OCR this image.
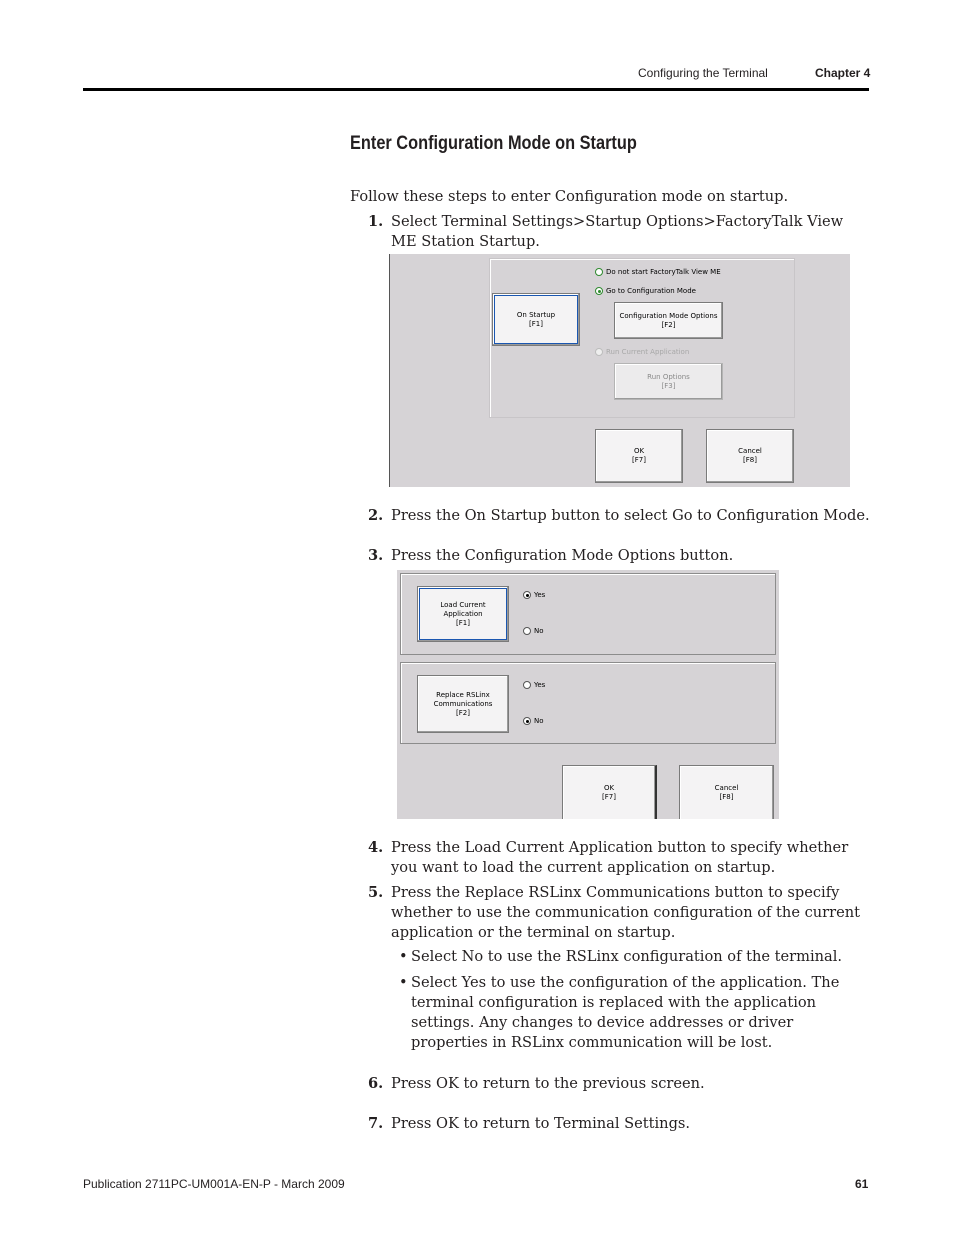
Configuring the Terminal	Chapter 4
Enter Configuration Mode on Startup
Follow these steps to enter Configuration mode on startup.
1. Select Terminal Settings>Startup Options>FactoryTalk View ME Station Startup.
Do not start FactoryTalk View ME
Go to Configuration Mode
On Startup
[F1]
Configuration Mode Options
[F2]
Run Current Application
Run Options
[F3]
OK
[F7]
Cancel
[F8]
2. Press the On Startup button to select Go to Configuration Mode.
3. Press the Configuration Mode Options button.
Load Current
Application
[F1]
Yes
No
Replace RSLinx
Communications
[F2]
Yes
No
OK
[F7]
Cancel
[F8]
4. Press the Load Current Application button to specify whether you want to load the current application on startup.
5. Press the Replace RSLinx Communications button to specify whether to use the communication configuration of the current application or the terminal on startup.
• Select No to use the RSLinx configuration of the terminal.
• Select Yes to use the configuration of the application. The terminal configuration is replaced with the application settings. Any changes to device addresses or driver properties in RSLinx communication will be lost.
6. Press OK to return to the previous screen.
7. Press OK to return to Terminal Settings.
Publication 2711PC-UM001A-EN-P - March 2009	61
